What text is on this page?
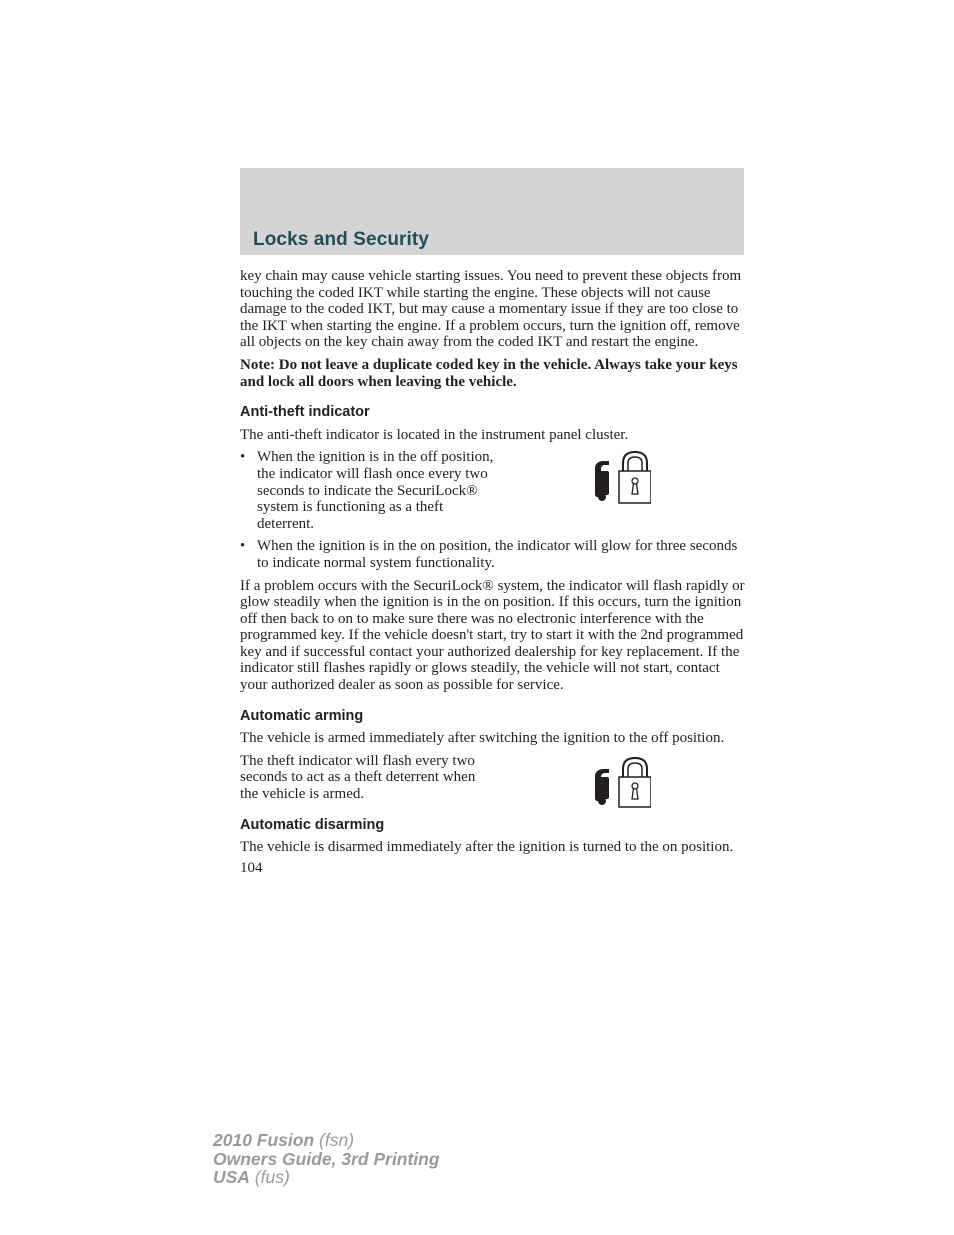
Locks and Security

key chain may cause vehicle starting issues. You need to prevent these objects from touching the coded IKT while starting the engine. These objects will not cause damage to the coded IKT, but may cause a momentary issue if they are too close to the IKT when starting the engine. If a problem occurs, turn the ignition off, remove all objects on the key chain away from the coded IKT and restart the engine.

Note: Do not leave a duplicate coded key in the vehicle. Always take your keys and lock all doors when leaving the vehicle.

Anti-theft indicator

The anti-theft indicator is located in the instrument panel cluster.

• When the ignition is in the off position, the indicator will flash once every two seconds to indicate the SecuriLock® system is functioning as a theft deterrent.
• When the ignition is in the on position, the indicator will glow for three seconds to indicate normal system functionality.

If a problem occurs with the SecuriLock® system, the indicator will flash rapidly or glow steadily when the ignition is in the on position. If this occurs, turn the ignition off then back to on to make sure there was no electronic interference with the programmed key. If the vehicle doesn't start, try to start it with the 2nd programmed key and if successful contact your authorized dealership for key replacement. If the indicator still flashes rapidly or glows steadily, the vehicle will not start, contact your authorized dealer as soon as possible for service.

Automatic arming

The vehicle is armed immediately after switching the ignition to the off position.

The theft indicator will flash every two seconds to act as a theft deterrent when the vehicle is armed.

Automatic disarming

The vehicle is disarmed immediately after the ignition is turned to the on position.

104
2010 Fusion (fsn)
Owners Guide, 3rd Printing
USA (fus)
